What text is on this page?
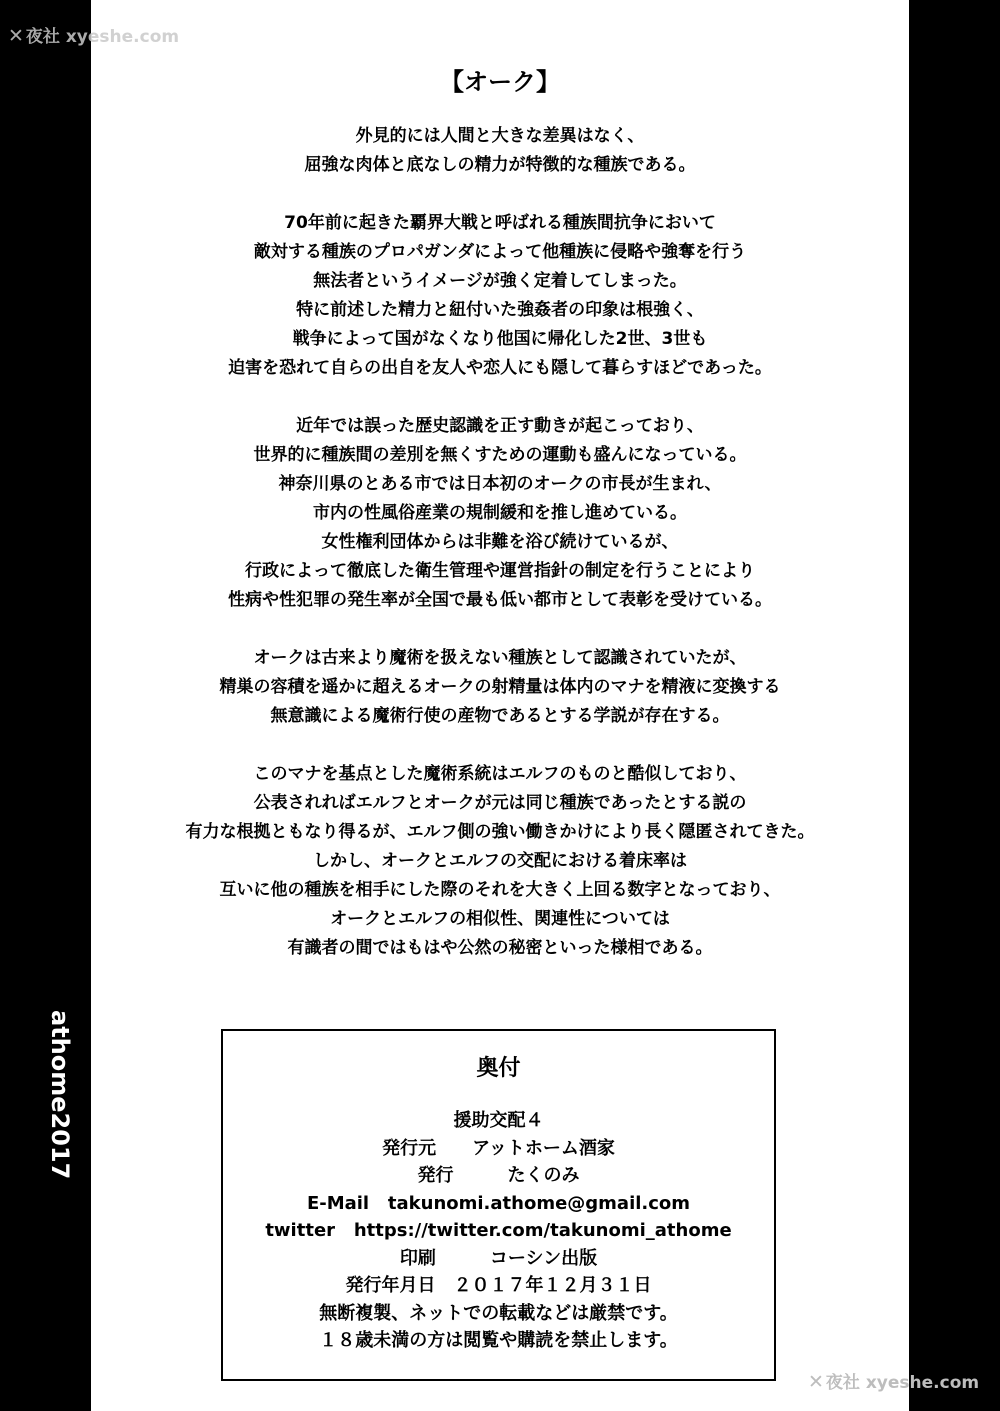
✕ 夜社 xyeshe.com
athome2017
【オーク】
外見的には人間と大きな差異はなく、
屈強な肉体と底なしの精力が特徴的な種族である。
70年前に起きた覇界大戦と呼ばれる種族間抗争において
敵対する種族のプロパガンダによって他種族に侵略や強奪を行う
無法者というイメージが強く定着してしまった。
特に前述した精力と紐付いた強姦者の印象は根強く、
戦争によって国がなくなり他国に帰化した2世、3世も
迫害を恐れて自らの出自を友人や恋人にも隠して暮らすほどであった。
近年では誤った歴史認識を正す動きが起こっており、
世界的に種族間の差別を無くすための運動も盛んになっている。
神奈川県のとある市では日本初のオークの市長が生まれ、
市内の性風俗産業の規制緩和を推し進めている。
女性権利団体からは非難を浴び続けているが、
行政によって徹底した衛生管理や運営指針の制定を行うことにより
性病や性犯罪の発生率が全国で最も低い都市として表彰を受けている。
オークは古来より魔術を扱えない種族として認識されていたが、
精巣の容積を遥かに超えるオークの射精量は体内のマナを精液に変換する
無意識による魔術行使の産物であるとする学説が存在する。
このマナを基点とした魔術系統はエルフのものと酷似しており、
公表されればエルフとオークが元は同じ種族であったとする説の
有力な根拠ともなり得るが、エルフ側の強い働きかけにより長く隠匿されてきた。
しかし、オークとエルフの交配における着床率は
互いに他の種族を相手にした際のそれを大きく上回る数字となっており、
オークとエルフの相似性、関連性については
有識者の間ではもはや公然の秘密といった様相である。
奥付
援助交配４
発行元　　アットホーム酒家
発行　　　たくのみ
E-Mail   takunomi.athome@gmail.com
twitter   https://twitter.com/takunomi_athome
印刷　　　コーシン出版
発行年月日　２０１７年１２月３１日
無断複製、ネットでの転載などは厳禁です。
１８歳未満の方は閲覧や購読を禁止します。
✕ 夜社 xyeshe.com
